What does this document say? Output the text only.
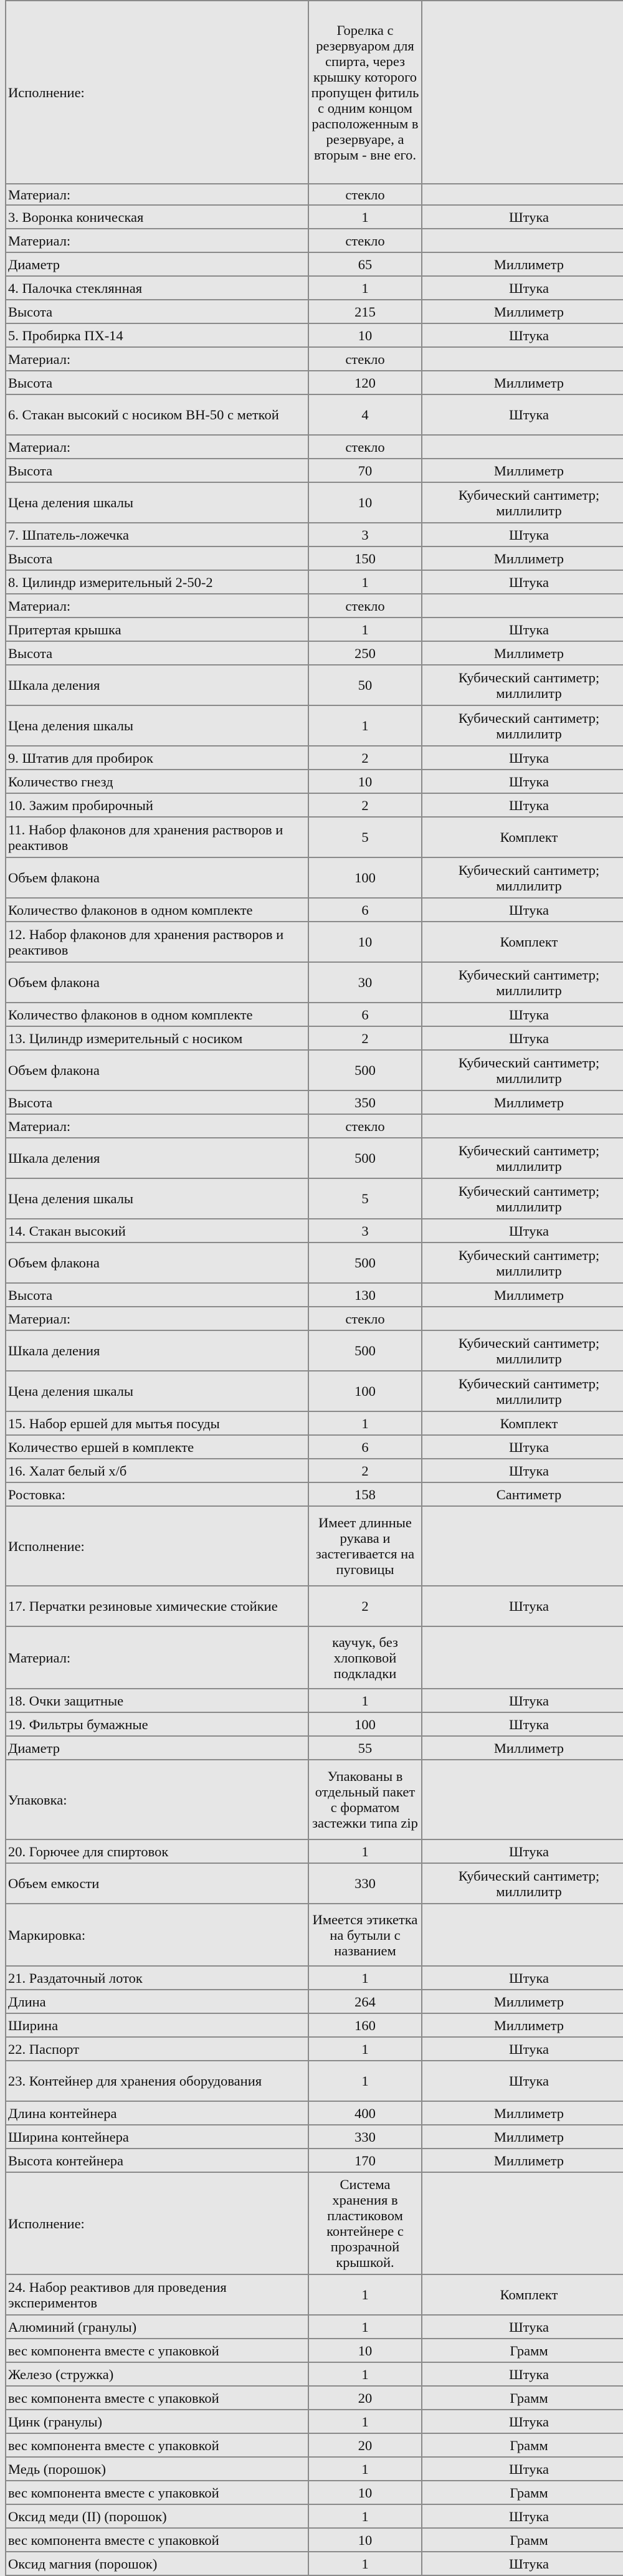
Исполнение:	Горелка с резервуаром для спирта, через крышку которого пропущен фитиль с одним концом расположенным в резервуаре, а вторым - вне его.	
Материал:	стекло	
3. Воронка коническая	1	Штука
Материал:	стекло	
Диаметр	65	Миллиметр
4. Палочка стеклянная	1	Штука
Высота	215	Миллиметр
5. Пробирка ПХ-14	10	Штука
Материал:	стекло	
Высота	120	Миллиметр
6. Стакан высокий с носиком ВН-50 с меткой	4	Штука
Материал:	стекло	
Высота	70	Миллиметр
Цена деления шкалы	10	Кубический сантиметр; миллилитр
7. Шпатель-ложечка	3	Штука
Высота	150	Миллиметр
8. Цилиндр измерительный 2-50-2	1	Штука
Материал:	стекло	
Притертая крышка	1	Штука
Высота	250	Миллиметр
Шкала деления	50	Кубический сантиметр; миллилитр
Цена деления шкалы	1	Кубический сантиметр; миллилитр
9. Штатив для пробирок	2	Штука
Количество гнезд	10	Штука
10. Зажим пробирочный	2	Штука
11. Набор флаконов для хранения растворов и реактивов	5	Комплект
Объем флакона	100	Кубический сантиметр; миллилитр
Количество флаконов в одном комплекте	6	Штука
12. Набор флаконов для хранения растворов и реактивов	10	Комплект
Объем флакона	30	Кубический сантиметр; миллилитр
Количество флаконов в одном комплекте	6	Штука
13. Цилиндр измерительный с носиком	2	Штука
Объем флакона	500	Кубический сантиметр; миллилитр
Высота	350	Миллиметр
Материал:	стекло	
Шкала деления	500	Кубический сантиметр; миллилитр
Цена деления шкалы	5	Кубический сантиметр; миллилитр
14. Стакан высокий	3	Штука
Объем флакона	500	Кубический сантиметр; миллилитр
Высота	130	Миллиметр
Материал:	стекло	
Шкала деления	500	Кубический сантиметр; миллилитр
Цена деления шкалы	100	Кубический сантиметр; миллилитр
15. Набор ершей для мытья посуды	1	Комплект
Количество ершей в комплекте	6	Штука
16. Халат белый х/б	2	Штука
Ростовка:	158	Сантиметр
Исполнение:	Имеет длинные рукава и застегивается на пуговицы	
17. Перчатки резиновые химические стойкие	2	Штука
Материал:	каучук, без хлопковой подкладки	
18. Очки защитные	1	Штука
19. Фильтры бумажные	100	Штука
Диаметр	55	Миллиметр
Упаковка:	Упакованы в отдельный пакет с форматом застежки типа zip	
20. Горючее для спиртовок	1	Штука
Объем емкости	330	Кубический сантиметр; миллилитр
Маркировка:	Имеется этикетка на бутыли с названием	
21. Раздаточный лоток	1	Штука
Длина	264	Миллиметр
Ширина	160	Миллиметр
22. Паспорт	1	Штука
23. Контейнер для хранения оборудования	1	Штука
Длина контейнера	400	Миллиметр
Ширина контейнера	330	Миллиметр
Высота контейнера	170	Миллиметр
Исполнение:	Система хранения в пластиковом контейнере с прозрачной крышкой.	
24. Набор реактивов для проведения экспериментов	1	Комплект
Алюминий (гранулы)	1	Штука
вес компонента вместе с упаковкой	10	Грамм
Железо (стружка)	1	Штука
вес компонента вместе с упаковкой	20	Грамм
Цинк (гранулы)	1	Штука
вес компонента вместе с упаковкой	20	Грамм
Медь (порошок)	1	Штука
вес компонента вместе с упаковкой	10	Грамм
Оксид меди (II) (порошок)	1	Штука
вес компонента вместе с упаковкой	10	Грамм
Оксид магния (порошок)	1	Штука
